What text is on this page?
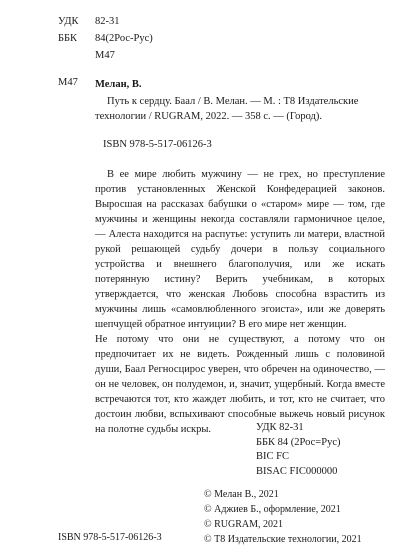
УДК	82-31
ББК	84(2Рос-Рус)
М47
М47 Мелан, В.
Путь к сердцу. Баал / В. Мелан. — М. : Т8 Издательские технологии / RUGRAM, 2022. — 358 с. — (Город).
ISBN 978-5-517-06126-3

В ее мире любить мужчину — не грех, но преступление против установленных Женской Конфедерацией законов. Выросшая на рассказах бабушки о «старом» мире — том, где мужчины и женщины некогда составляли гармоничное целое, — Алеста находится на распутье: уступить ли матери, властной рукой решающей судьбу дочери в пользу социального устройства и внешнего благополучия, или же искать потерянную истину? Верить учебникам, в которых утверждается, что женская Любовь способна взрастить из мужчины лишь «самовлюбленного эгоиста», или же доверять шепчущей обратное интуиции? В его мире нет женщин.

Не потому что они не существуют, а потому что он предпочитает их не видеть. Рожденный лишь с половиной души, Баал Регносцирос уверен, что обречен на одиночество, — он не человек, он полудемон, и, значит, ущербный. Когда вместе встречаются тот, кто жаждет любить, и тот, кто не считает, что достоин любви, вспыхивают способные выжечь новый рисунок на полотне судьбы искры.	УДК 82-31
ББК 84 (2Рос=Рус)
BIC FC
BISAC FIC000000
© Мелан В., 2021
© Аджиев Б., оформление, 2021
© RUGRAM, 2021
© Т8 Издательские технологии, 2021
ISBN 978-5-517-06126-3
